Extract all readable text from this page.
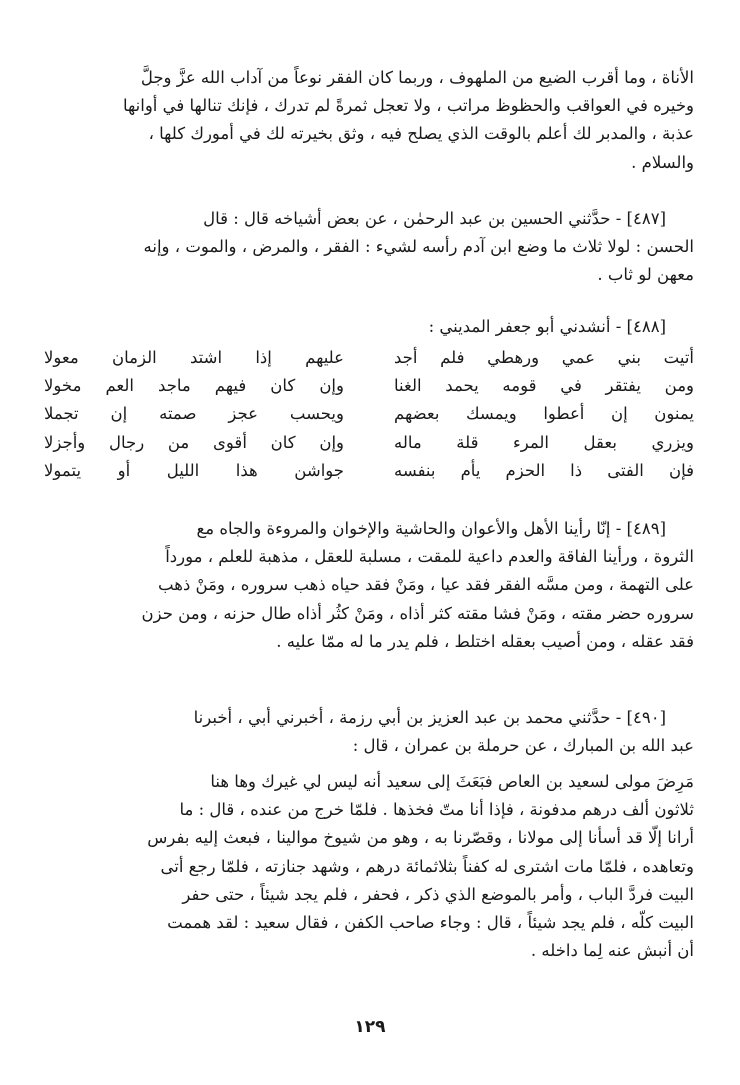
الأناة ، وما أقرب الضيع من الملهوف ، وربما كان الفقر نوعاً من آداب الله عزَّ وجلَّ
وخيره في العواقب والحظوظ مراتب ، ولا تعجل ثمرةً لم تدرك ، فإنك تنالها في أوانها
عذبة ، والمدبر لك أعلم بالوقت الذي يصلح فيه ، وثق بخيرته لك في أمورك كلها ،
والسلام .
[٤٨٧] - حدَّثني الحسين بن عبد الرحمٰن ، عن بعض أشياخه قال : قال
الحسن : لولا ثلاث ما وضع ابن آدم رأسه لشيء : الفقر ، والمرض ، والموت ، وإنه
معهن لو ثاب .
[٤٨٨] - أنشدني أبو جعفر المديني :
أتيت بني عمي ورهطي فلم أجد
عليهم إذا اشتد الزمان معولا
ومن يفتقر في قومه يحمد الغنا
وإن كان فيهم ماجد العم مخولا
يمنون إن أعطوا ويمسك بعضهم
ويحسب عجز صمته إن تجملا
ويزري بعقل المرء قلة ماله
وإن كان أقوى من رجال وأجزلا
فإن الفتى ذا الحزم يأم بنفسه
جواشن هذا الليل أو يتمولا
[٤٨٩] - إنّا رأينا الأهل والأعوان والحاشية والإخوان والمروءة والجاه مع
الثروة ، ورأينا الفاقة والعدم داعية للمقت ، مسلبة للعقل ، مذهبة للعلم ، مورداً
على التهمة ، ومن مسَّه الفقر فقد عيا ، ومَنْ فقد حياه ذهب سروره ، ومَنْ ذهب
سروره حضر مقته ، ومَنْ فشا مقته كثر أذاه ، ومَنْ كثُر أذاه طال حزنه ، ومن حزن
فقد عقله ، ومن أصيب بعقله اختلط ، فلم يدر ما له ممّا عليه .
[٤٩٠] - حدَّثني محمد بن عبد العزيز بن أبي رزمة ، أخبرني أبي ، أخبرنا
عبد الله بن المبارك ، عن حرملة بن عمران ، قال :
مَرِضَ مولى لسعيد بن العاص فبَعَثَ إلى سعيد أنه ليس لي غيرك وها هنا
ثلاثون ألف درهم مدفونة ، فإذا أنا متّ فخذها . فلمّا خرج من عنده ، قال : ما
أرانا إلّا قد أسأنا إلى مولانا ، وقصّرنا به ، وهو من شيوخ موالينا ، فبعث إليه بفرس
وتعاهده ، فلمّا مات اشترى له كفناً بثلاثمائة درهم ، وشهد جنازته ، فلمّا رجع أتى
البيت فردَّ الباب ، وأمر بالموضع الذي ذكر ، فحفر ، فلم يجد شيئاً ، حتى حفر
البيت كلّه ، فلم يجد شيئاً ، قال : وجاء صاحب الكفن ، فقال سعيد : لقد هممت
أن أنبش عنه لِما داخله .
١٢٩
